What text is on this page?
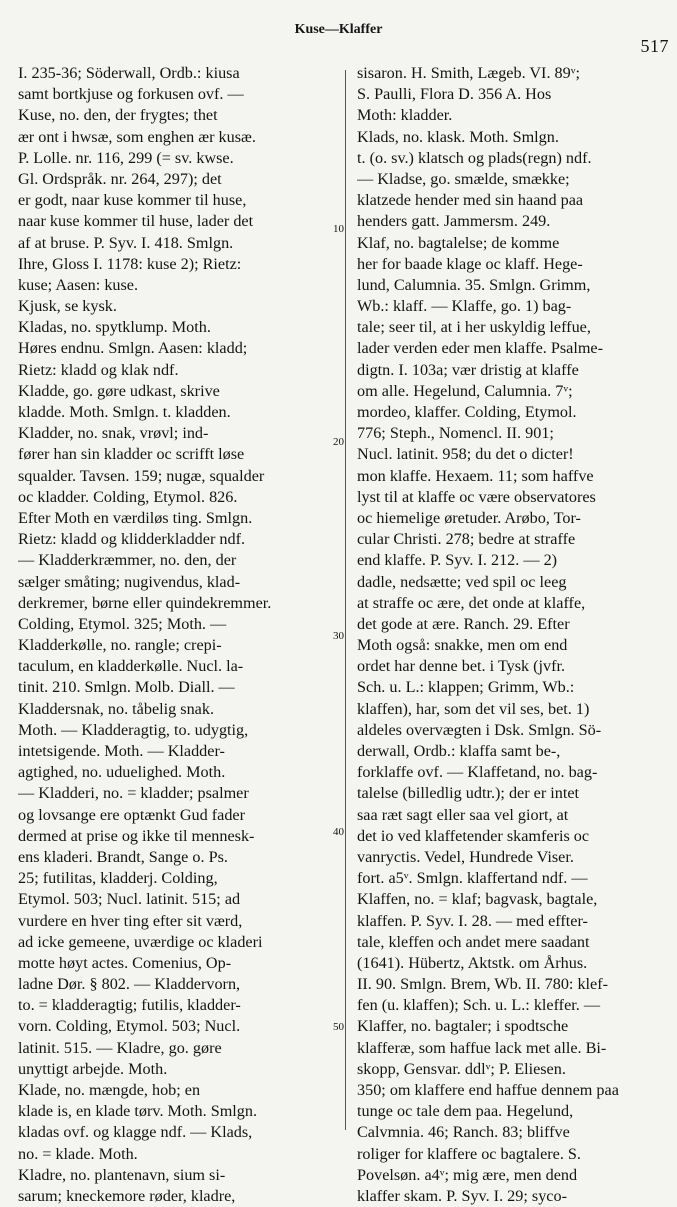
Kuse—Klaffer
517
I. 235-36; Söderwall, Ordb.: kiusa
samt bortkjuse og forkusen ovf. —
Kuse, no. den, der frygtes; thet
ær ont i hwsæ, som enghen ær kusæ.
P. Lolle. nr. 116, 299 (= sv. kwse.
Gl. Ordspråk. nr. 264, 297); det
er godt, naar kuse kommer til huse,
naar kuse kommer til huse, lader det
af at bruse. P. Syv. I. 418. Smlgn.
Ihre, Gloss I. 1178: kuse 2); Rietz:
kuse; Aasen: kuse.
Kjusk, se kysk.
Kladas, no. spytklump. Moth.
Høres endnu. Smlgn. Aasen: kladd;
Rietz: kladd og klak ndf.
Kladde, go. gøre udkast, skrive
kladde. Moth. Smlgn. t. kladden.
Kladder, no. snak, vrøvl; ind-
fører han sin kladder oc scrifft løse
squalder. Tavsen. 159; nugæ, squalder
oc kladder. Colding, Etymol. 826.
Efter Moth en værdiløs ting. Smlgn.
Rietz: kladd og klidderkladder ndf.
— Kladderkræmmer, no. den, der
sælger småting; nugivendus, klad-
derkremer, børne eller quindekremmer.
Colding, Etymol. 325; Moth. —
Kladderkølle, no. rangle; crepi-
taculum, en kladderkølle. Nucl. la-
tinit. 210. Smlgn. Molb. Diall. —
Kladdersnak, no. tåbelig snak.
Moth. — Kladderagtig, to. udygtig,
intetsigende. Moth. — Kladder-
agtighed, no. uduelighed. Moth.
— Kladderi, no. = kladder; psalmer
og lovsange ere optænkt Gud fader
dermed at prise og ikke til mennesk-
ens kladeri. Brandt, Sange o. Ps.
25; futilitas, kladderj. Colding,
Etymol. 503; Nucl. latinit. 515; ad
vurdere en hver ting efter sit værd,
ad icke gemeene, uværdige oc kladeri
motte høyt actes. Comenius, Op-
ladne Dør. § 802. — Kladdervorn,
to. = kladderagtig; futilis, kladder-
vorn. Colding, Etymol. 503; Nucl.
latinit. 515. — Kladre, go. gøre
unyttigt arbejde. Moth.
Klade, no. mængde, hob; en
klade is, en klade tørv. Moth. Smlgn.
kladas ovf. og klagge ndf. — Klads,
no. = klade. Moth.
Kladre, no. plantenavn, sium si-
sarum; kneckemore røder, kladre,
sisaron. H. Smith, Lægeb. VI. 89ᵛ;
S. Paulli, Flora D. 356 A. Hos
Moth: kladder.
Klads, no. klask. Moth. Smlgn.
t. (o. sv.) klatsch og plads(regn) ndf.
— Kladse, go. smælde, smække;
klatzede hender med sin haand paa
henders gatt. Jammersm. 249.
Klaf, no. bagtalelse; de komme
her for baade klage oc klaff. Hege-
lund, Calumnia. 35. Smlgn. Grimm,
Wb.: klaff. — Klaffe, go. 1) bag-
tale; seer til, at i her uskyldig leffue,
lader verden eder men klaffe. Psalme-
digtn. I. 103a; vær dristig at klaffe
om alle. Hegelund, Calumnia. 7ᵛ;
mordeo, klaffer. Colding, Etymol.
776; Steph., Nomencl. II. 901;
Nucl. latinit. 958; du det o dicter!
mon klaffe. Hexaem. 11; som haffve
lyst til at klaffe oc være observatores
oc hiemelige øretuder. Arøbo, Tor-
cular Christi. 278; bedre at straffe
end klaffe. P. Syv. I. 212. — 2)
dadle, nedsætte; ved spil oc leeg
at straffe oc ære, det onde at klaffe,
det gode at ære. Ranch. 29. Efter
Moth også: snakke, men om end
ordet har denne bet. i Tysk (jvfr.
Sch. u. L.: klappen; Grimm, Wb.:
klaffen), har, som det vil ses, bet. 1)
aldeles overvægten i Dsk. Smlgn. Sö-
derwall, Ordb.: klaffa samt be-,
forklaffe ovf. — Klaffetand, no. bag-
talelse (billedlig udtr.); der er intet
saa ræt sagt eller saa vel giort, at
det io ved klaffetender skamferis oc
vanryctis. Vedel, Hundrede Viser.
fort. a5ᵛ. Smlgn. klaffertand ndf. —
Klaffen, no. = klaf; bagvask, bagtale,
klaffen. P. Syv. I. 28. — med effter-
tale, kleffen och andet mere saadant
(1641). Hübertz, Aktstk. om Århus.
II. 90. Smlgn. Brem, Wb. II. 780: klef-
fen (u. klaffen); Sch. u. L.: kleffer. —
Klaffer, no. bagtaler; i spodtsche
klafferæ, som haffue lack met alle. Bi-
skopp, Gensvar. ddlᵛ; P. Eliesen.
350; om klaffere end haffue dennem paa
tunge oc tale dem paa. Hegelund,
Calvmnia. 46; Ranch. 83; bliffve
roliger for klaffere oc bagtalere. S.
Povelsøn. a4ᵛ; mig ære, men dend
klaffer skam. P. Syv. I. 29; syco-
10
20
30
40
50
